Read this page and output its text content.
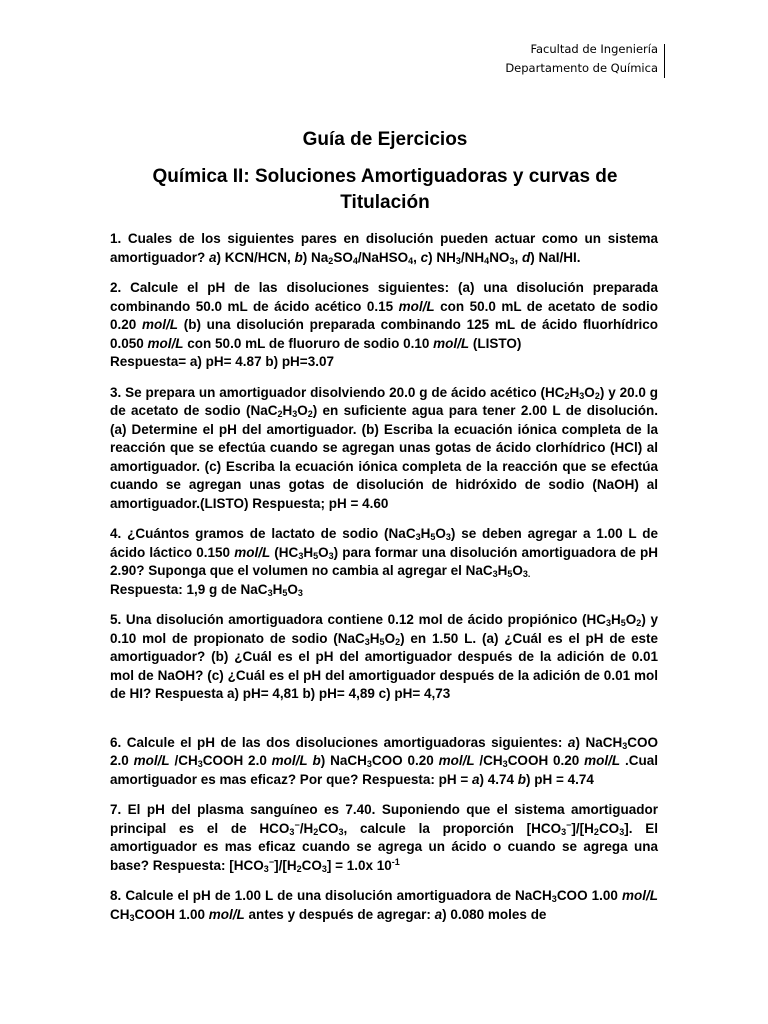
Facultad de Ingeniería
Departamento de Química
Guía de Ejercicios
Química II: Soluciones Amortiguadoras y curvas de
Titulación

1. Cuales de los siguientes pares en disolución pueden actuar como un sistema amortiguador? a) KCN/HCN, b) $Na_2SO_4/NaHSO_4$, c) $NH_3/NH_4NO_3$, d) NaI/HI.

2. Calcule el pH de las disoluciones siguientes: (a) una disolución preparada combinando 50.0 mL de ácido acético 0.15 mol/L con 50.0 mL de acetato de sodio 0.20 mol/L (b) una disolución preparada combinando 125 mL de ácido fluorhídrico 0.050 mol/L con 50.0 mL de fluoruro de sodio 0.10 mol/L (LISTO)
Respuesta= a) pH= 4.87 b) pH=3.07

3. Se prepara un amortiguador disolviendo 20.0 g de ácido acético $(HC_2H_3O_2)$ y 20.0 g de acetato de sodio $(NaC_2H_3O_2)$ en suficiente agua para tener 2.00 L de disolución. (a) Determine el pH del amortiguador. (b) Escriba la ecuación iónica completa de la reacción que se efectúa cuando se agregan unas gotas de ácido clorhídrico (HCl) al amortiguador. (c) Escriba la ecuación iónica completa de la reacción que se efectúa cuando se agregan unas gotas de disolución de hidróxido de sodio (NaOH) al amortiguador.(LISTO) Respuesta; pH = 4.60

4. ¿Cuántos gramos de lactato de sodio $(NaC_3H_5O_3)$ se deben agregar a 1.00 L de ácido láctico 0.150 mol/L $(HC_3H_5O_3)$ para formar una disolución amortiguadora de pH 2.90? Suponga que el volumen no cambia al agregar el $NaC_3H_5O_{3.}$
Respuesta: 1,9 g de $NaC_3H_5O_3$

5. Una disolución amortiguadora contiene 0.12 mol de ácido propiónico $(HC_3H_5O_2)$ y 0.10 mol de propionato de sodio $(NaC_3H_5O_2)$ en 1.50 L. (a) ¿Cuál es el pH de este amortiguador? (b) ¿Cuál es el pH del amortiguador después de la adición de 0.01 mol de NaOH? (c) ¿Cuál es el pH del amortiguador después de la adición de 0.01 mol de HI? Respuesta a) pH= 4,81 b) pH= 4,89 c) pH= 4,73

6. Calcule el pH de las dos disoluciones amortiguadoras siguientes: a) NaCH$_3$COO 2.0 mol/L $/CH_3COOH$ 2.0 mol/L b) NaCH$_3$COO 0.20 mol/L $/CH_3COOH$ 0.20 mol/L .Cual amortiguador es mas eficaz? Por que? Respuesta: pH = a) 4.74 b) pH = 4.74

7. El pH del plasma sanguíneo es 7.40. Suponiendo que el sistema amortiguador principal es el de $HCO_3^-/H_2CO_3$, calcule la proporción $[HCO_3^-]/[H_2CO_3]$. El amortiguador es mas eficaz cuando se agrega un ácido o cuando se agrega una base? Respuesta: $[HCO_3^-]/[H_2CO_3] = 1.0x$ $10^{-1}$

8. Calcule el pH de 1.00 L de una disolución amortiguadora de NaCH$_3$COO 1.00 mol/L $CH_3COOH$ 1.00 mol/L antes y después de agregar: a) 0.080 moles de
